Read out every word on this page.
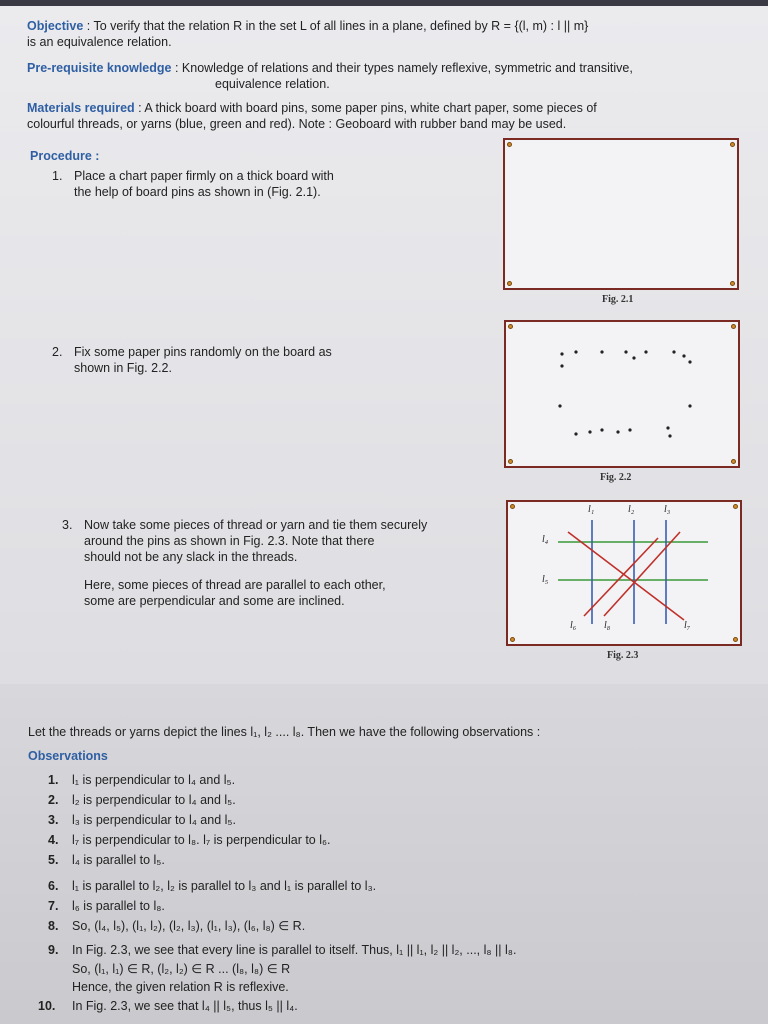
Objective : To verify that the relation R in the set L of all lines in a plane, defined by R = {(l, m) : l || m}
is an equivalence relation.
Pre-requisite knowledge : Knowledge of relations and their types namely reflexive, symmetric and transitive,
equivalence relation.
Materials required : A thick board with board pins, some paper pins, white chart paper, some pieces of
colourful threads, or yarns (blue, green and red). Note : Geoboard with rubber band may be used.
Procedure :
1. Place a chart paper firmly on a thick board with
the help of board pins as shown in (Fig. 2.1).
Fig. 2.1
2. Fix some paper pins randomly on the board as
shown in Fig. 2.2.
Fig. 2.2
3. Now take some pieces of thread or yarn and tie them securely
around the pins as shown in Fig. 2.3. Note that there
should not be any slack in the threads.
Here, some pieces of thread are parallel to each other,
some are perpendicular and some are inclined.
l₁	l₂	l₃
l₄
l₅
l₆	l₇
l₈
Fig. 2.3
Let the threads or yarns depict the lines l₁, l₂ .... l₈. Then we have the following observations :
Observations
1. l₁ is perpendicular to l₄ and l₅.
2. l₂ is perpendicular to l₄ and l₅.
3. l₃ is perpendicular to l₄ and l₅.
4. l₇ is perpendicular to l₈. l₇ is perpendicular to l₆.
5. l₄ is parallel to l₅.
6. l₁ is parallel to l₂, l₂ is parallel to l₃ and l₁ is parallel to l₃.
7. l₆ is parallel to l₈.
8. So, (l₄, l₅), (l₁, l₂), (l₂, l₃), (l₁, l₃), (l₆, l₈) ∈ R.
9. In Fig. 2.3, we see that every line is parallel to itself. Thus, l₁ || l₁, l₂ || l₂, ..., l₈ || l₈.
So, (l₁, l₁) ∈ R, (l₂, l₂) ∈ R ... (l₈, l₈) ∈ R
Hence, the given relation R is reflexive.
10. In Fig. 2.3, we see that l₄ || l₅, thus l₅ || l₄.
